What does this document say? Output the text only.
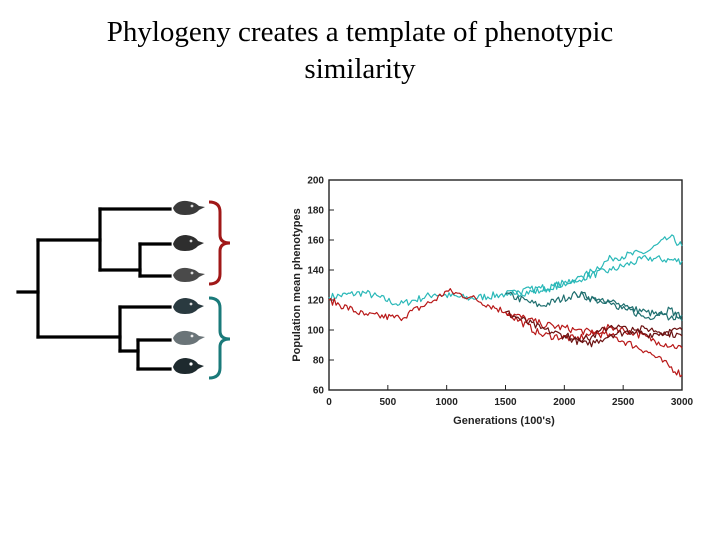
Phylogeny creates a template of phenotypic
similarity
60
80
100
120
140
160
180
200
0	500	1000	1500	2000	2500	3000
Population mean phenotypes
Generations (100's)
